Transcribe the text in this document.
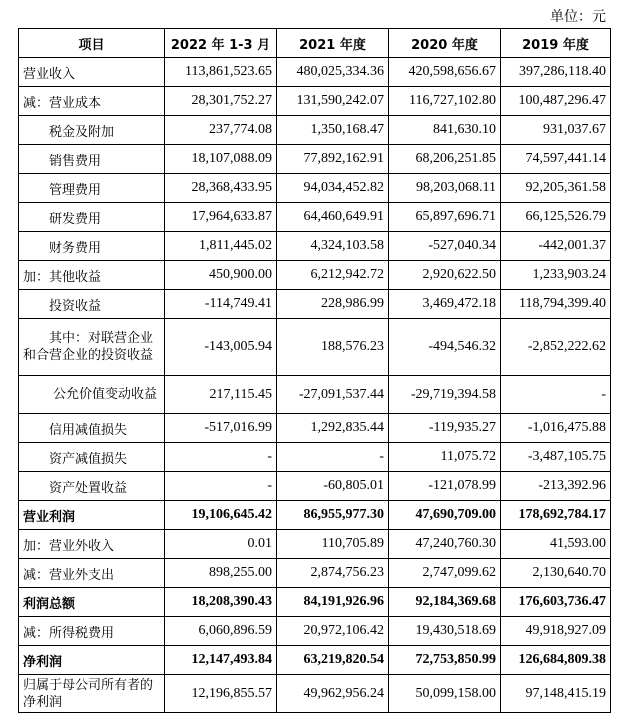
单位：元
项目	2022 年 1-3 月	2021 年度	2020 年度	2019 年度
营业收入	113,861,523.65	480,025,334.36	420,598,656.67	397,286,118.40
减：营业成本	28,301,752.27	131,590,242.07	116,727,102.80	100,487,296.47
税金及附加	237,774.08	1,350,168.47	841,630.10	931,037.67
销售费用	18,107,088.09	77,892,162.91	68,206,251.85	74,597,441.14
管理费用	28,368,433.95	94,034,452.82	98,203,068.11	92,205,361.58
研发费用	17,964,633.87	64,460,649.91	65,897,696.71	66,125,526.79
财务费用	1,811,445.02	4,324,103.58	-527,040.34	-442,001.37
加：其他收益	450,900.00	6,212,942.72	2,920,622.50	1,233,903.24
投资收益	-114,749.41	228,986.99	3,469,472.18	118,794,399.40
其中：对联营企业和合营企业的投资收益	-143,005.94	188,576.23	-494,546.32	-2,852,222.62
公允价值变动收益	217,115.45	-27,091,537.44	-29,719,394.58	-
信用减值损失	-517,016.99	1,292,835.44	-119,935.27	-1,016,475.88
资产减值损失	-	-	11,075.72	-3,487,105.75
资产处置收益	-	-60,805.01	-121,078.99	-213,392.96
营业利润	19,106,645.42	86,955,977.30	47,690,709.00	178,692,784.17
加：营业外收入	0.01	110,705.89	47,240,760.30	41,593.00
减：营业外支出	898,255.00	2,874,756.23	2,747,099.62	2,130,640.70
利润总额	18,208,390.43	84,191,926.96	92,184,369.68	176,603,736.47
减：所得税费用	6,060,896.59	20,972,106.42	19,430,518.69	49,918,927.09
净利润	12,147,493.84	63,219,820.54	72,753,850.99	126,684,809.38
归属于母公司所有者的净利润	12,196,855.57	49,962,956.24	50,099,158.00	97,148,415.19
